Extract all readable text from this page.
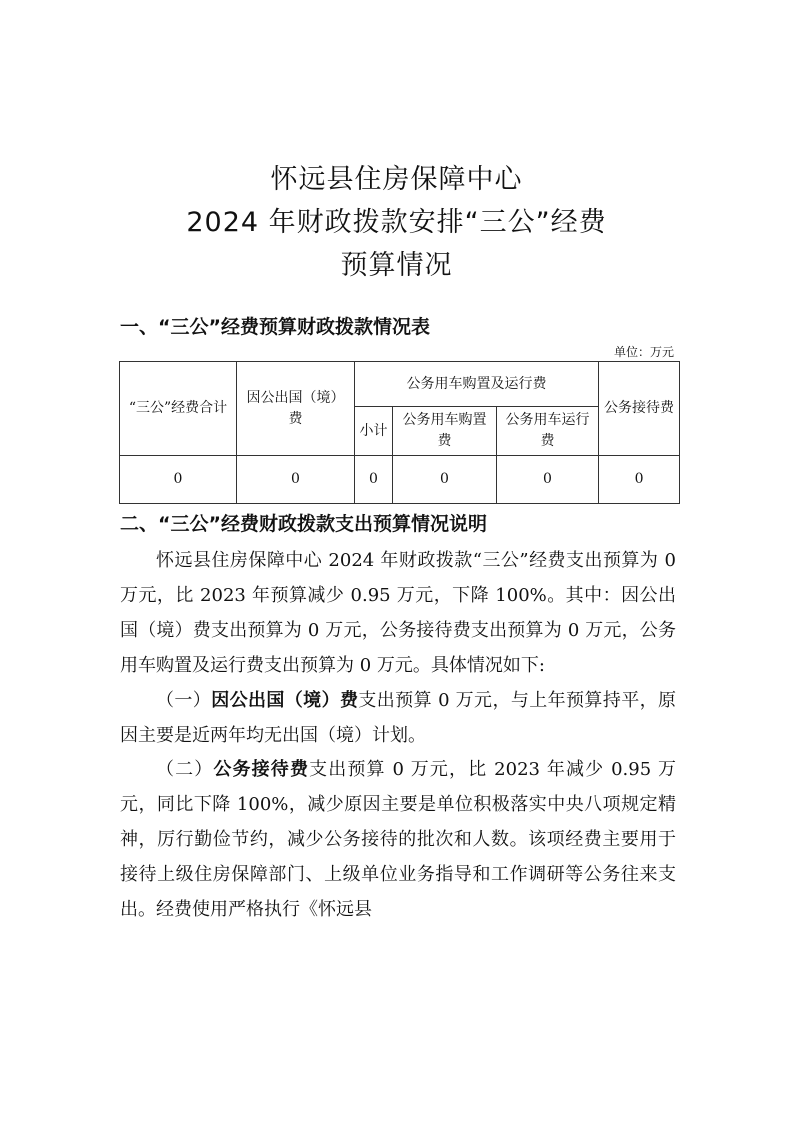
怀远县住房保障中心
2024 年财政拨款安排“三公”经费
预算情况
一、“三公”经费预算财政拨款情况表
单位：万元
“三公”经费合计	因公出国（境）费	公务用车购置及运行费			公务接待费
		小计	公务用车购置费	公务用车运行费	
0	0	0	0	0	0
二、“三公”经费财政拨款支出预算情况说明

怀远县住房保障中心 2024 年财政拨款“三公”经费支出预算为 0 万元，比 2023 年预算减少 0.95 万元，下降 100%。其中：因公出国（境）费支出预算为 0 万元，公务接待费支出预算为 0 万元，公务用车购置及运行费支出预算为 0 万元。具体情况如下:

（一）因公出国（境）费支出预算 0 万元，与上年预算持平，原因主要是近两年均无出国（境）计划。

（二）公务接待费支出预算 0 万元，比 2023 年减少 0.95 万元，同比下降 100%，减少原因主要是单位积极落实中央八项规定精神，厉行勤俭节约，减少公务接待的批次和人数。该项经费主要用于接待上级住房保障部门、上级单位业务指导和工作调研等公务往来支出。经费使用严格执行《怀远县
